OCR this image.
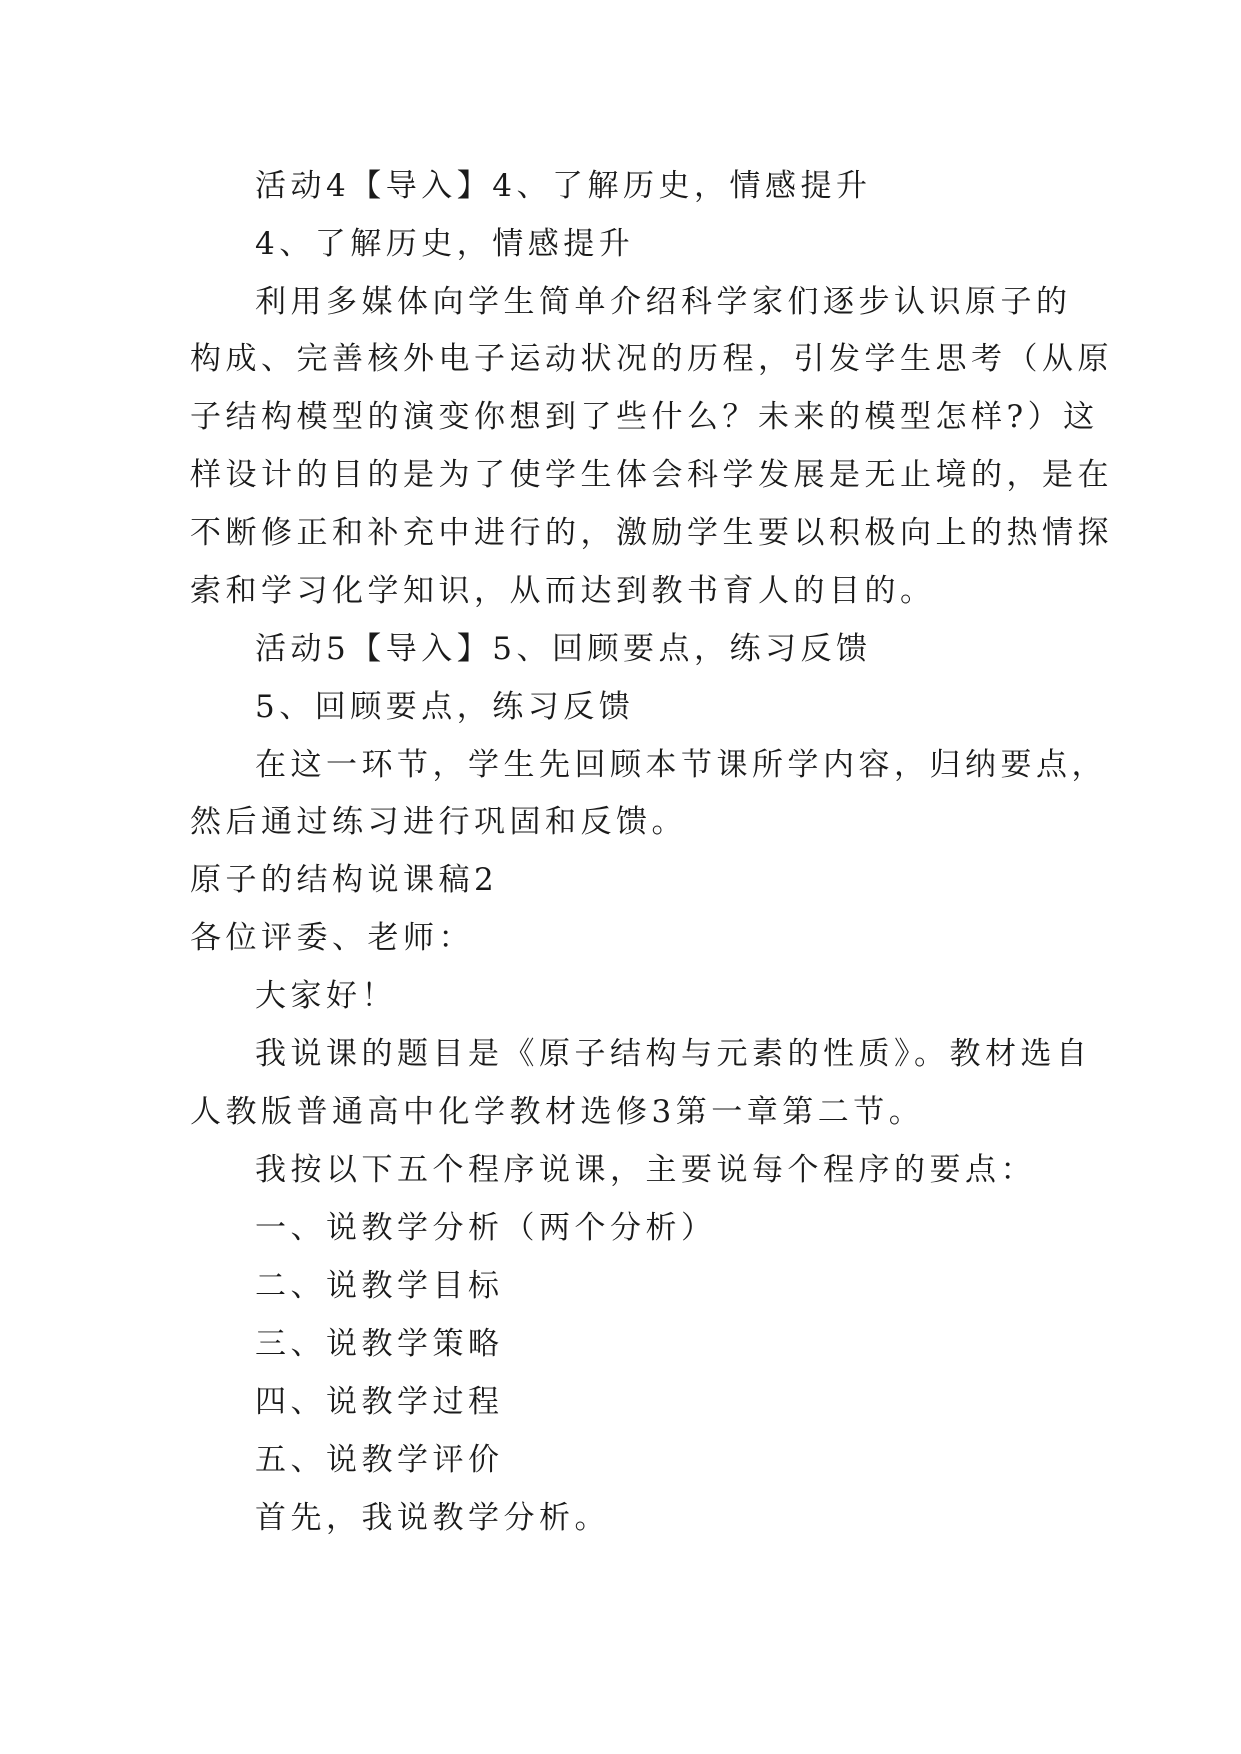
活动4【导入】4、了解历史，情感提升
4、了解历史，情感提升
利用多媒体向学生简单介绍科学家们逐步认识原子的
构成、完善核外电子运动状况的历程，引发学生思考（从原
子结构模型的演变你想到了些什么？未来的模型怎样?）这
样设计的目的是为了使学生体会科学发展是无止境的，是在
不断修正和补充中进行的，激励学生要以积极向上的热情探
索和学习化学知识，从而达到教书育人的目的。
活动5【导入】5、回顾要点，练习反馈
5、回顾要点，练习反馈
在这一环节，学生先回顾本节课所学内容，归纳要点，
然后通过练习进行巩固和反馈。
原子的结构说课稿2
各位评委、老师：
大家好！
我说课的题目是《原子结构与元素的性质》。教材选自
人教版普通高中化学教材选修3第一章第二节。
我按以下五个程序说课，主要说每个程序的要点：
一、说教学分析（两个分析）
二、说教学目标
三、说教学策略
四、说教学过程
五、说教学评价
首先，我说教学分析。
